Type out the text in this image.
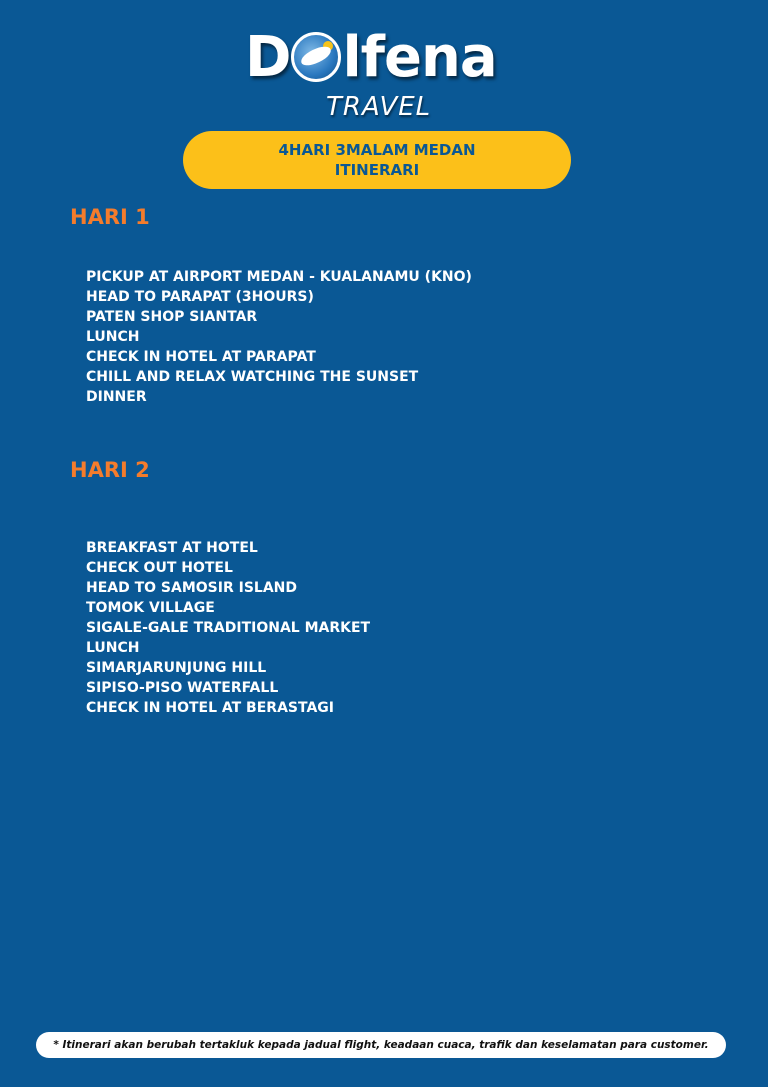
D lfena
TRAVEL
4HARI 3MALAM MEDAN
ITINERARI
HARI 1
PICKUP AT AIRPORT MEDAN - KUALANAMU (KNO)
HEAD TO PARAPAT (3HOURS)
PATEN SHOP SIANTAR
LUNCH
CHECK IN HOTEL AT PARAPAT
CHILL AND RELAX WATCHING THE SUNSET
DINNER
HARI 2
BREAKFAST AT HOTEL
CHECK OUT HOTEL
HEAD TO SAMOSIR ISLAND
TOMOK VILLAGE
SIGALE-GALE TRADITIONAL MARKET
LUNCH
SIMARJARUNJUNG HILL
SIPISO-PISO WATERFALL
CHECK IN HOTEL AT BERASTAGI
* Itinerari akan berubah tertakluk kepada jadual flight, keadaan cuaca, trafik dan keselamatan para customer.
